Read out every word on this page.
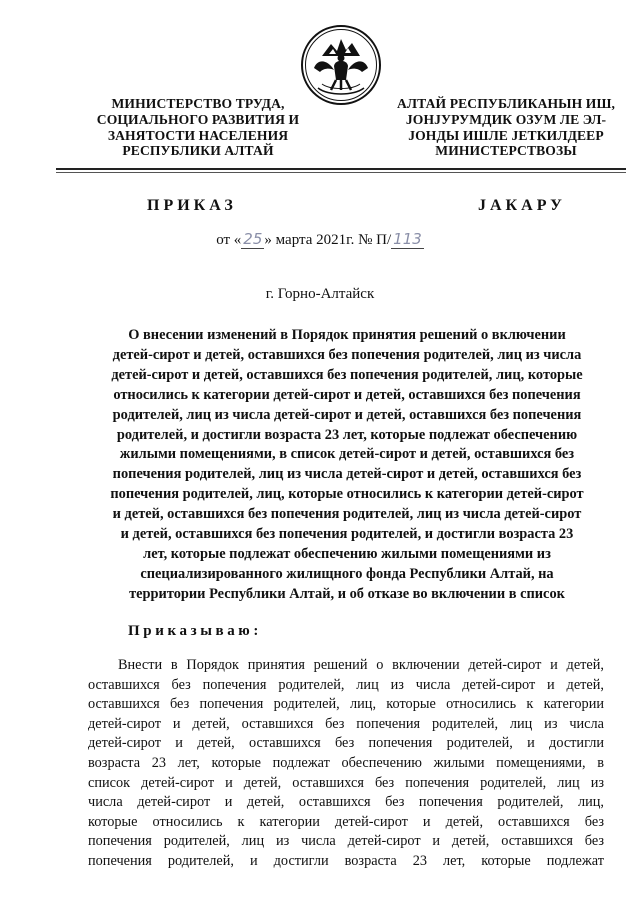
МИНИСТЕРСТВО ТРУДА,
СОЦИАЛЬНОГО РАЗВИТИЯ И
ЗАНЯТОСТИ НАСЕЛЕНИЯ
РЕСПУБЛИКИ АЛТАЙ
АЛТАЙ РЕСПУБЛИКАНЫН ИШ,
ЈОНЈУРУМДИК ОЗУМ ЛЕ ЭЛ-
ЈОНДЫ ИШЛЕ ЈЕТКИЛДЕЕР
МИНИСТЕРСТВОЗЫ
ПРИКАЗ	ЈАКАРУ
от « 25 » марта 2021г. № П/ 113
г. Горно-Алтайск
О внесении изменений в Порядок принятия решений о включении
детей-сирот и детей, оставшихся без попечения родителей, лиц из числа
детей-сирот и детей, оставшихся без попечения родителей, лиц, которые
относились к категории детей-сирот и детей, оставшихся без попечения
родителей, лиц из числа детей-сирот и детей, оставшихся без попечения
родителей, и достигли возраста 23 лет, которые подлежат обеспечению
жилыми помещениями, в список детей-сирот и детей, оставшихся без
попечения родителей, лиц из числа детей-сирот и детей, оставшихся без
попечения родителей, лиц, которые относились к категории детей-сирот
и детей, оставшихся без попечения родителей, лиц из числа детей-сирот
и детей, оставшихся без попечения родителей, и достигли возраста 23
лет, которые подлежат обеспечению жилыми помещениями из
специализированного жилищного фонда Республики Алтай, на
территории Республики Алтай, и об отказе во включении в список
Приказываю:
Внести в Порядок принятия решений о включении детей-сирот и детей,
оставшихся без попечения родителей, лиц из числа детей-сирот и детей,
оставшихся без попечения родителей, лиц, которые относились к категории
детей-сирот и детей, оставшихся без попечения родителей, лиц из числа
детей-сирот и детей, оставшихся без попечения родителей, и достигли
возраста 23 лет, которые подлежат обеспечению жилыми помещениями, в
список детей-сирот и детей, оставшихся без попечения родителей, лиц из
числа детей-сирот и детей, оставшихся без попечения родителей, лиц,
которые относились к категории детей-сирот и детей, оставшихся без
попечения родителей, лиц из числа детей-сирот и детей, оставшихся без
попечения родителей, и достигли возраста 23 лет, которые подлежат
